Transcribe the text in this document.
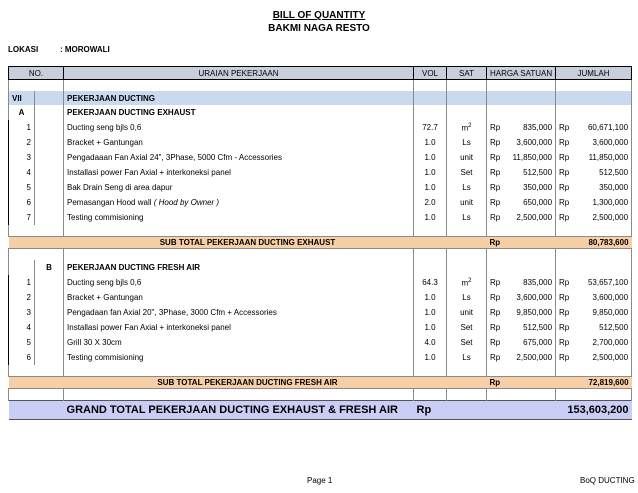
BILL OF QUANTITY
BAKMI NAGA RESTO
LOKASI	: MOROWALI
NO.		URAIAN PEKERJAAN	VOL	SAT	HARGA SATUAN		JUMLAH	

VII		PEKERJAAN DUCTING						
A		PEKERJAAN DUCTING EXHAUST						
1		Ducting seng bjls 0,6	72.7	$m^2$	Rp	835,000	Rp	60,671,100
2		Bracket + Gantungan	1.0	Ls	Rp	3,600,000	Rp	3,600,000
3		Pengadaaan Fan Axial 24", 3Phase, 5000 Cfm - Accessories	1.0	unit	Rp	11,850,000	Rp	11,850,000
4		Installasi power Fan Axial + interkoneksi panel	1.0	Set	Rp	512,500	Rp	512,500
5		Bak Drain Seng di area dapur	1.0	Ls	Rp	350,000	Rp	350,000
6		Pemasangan Hood wall ( Hood by Owner )	2.0	unit	Rp	650,000	Rp	1,300,000
7		Testing commisioning	1.0	Ls	Rp	2,500,000	Rp	2,500,000

SUB TOTAL PEKERJAAN DUCTING EXHAUST					Rp		80,783,600	

	B	PEKERJAAN DUCTING FRESH AIR						
1		Ducting seng bjls 0,6	64.3	$m^2$	Rp	835,000	Rp	53,657,100
2		Bracket + Gantungan	1.0	Ls	Rp	3,600,000	Rp	3,600,000
3		Pengadaan fan Axial 20", 3Phase, 3000 Cfm + Accessories	1.0	unit	Rp	9,850,000	Rp	9,850,000
4		Installasi power Fan Axial + interkoneksi panel	1.0	Set	Rp	512,500	Rp	512,500
5		Grill 30 X 30cm	4.0	Set	Rp	675,000	Rp	2,700,000
6		Testing commisioning	1.0	Ls	Rp	2,500,000	Rp	2,500,000

SUB TOTAL PEKERJAAN DUCTING FRESH AIR					Rp		72,819,600	

		GRAND TOTAL PEKERJAAN DUCTING EXHAUST & FRESH AIR	Rp		153,603,200			
Page 1	BoQ DUCTING
